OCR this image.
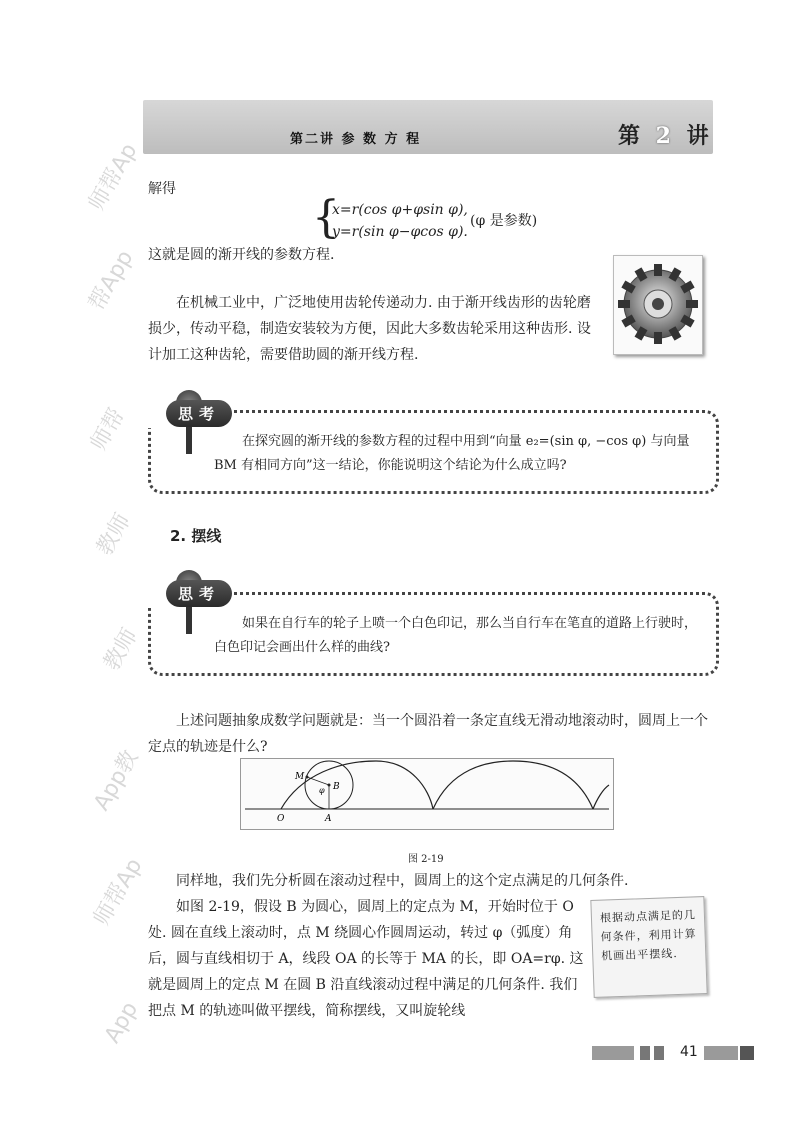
师帮Ap
帮App
师帮
教师
教师
App教
师帮Ap
App
第二讲 参 数 方 程	第 2 讲
解得
{
x=r(cos φ+φsin φ),
y=r(sin φ−φcos φ).
(φ 是参数)
这就是圆的渐开线的参数方程.
在机械工业中，广泛地使用齿轮传递动力. 由于渐开线齿形的齿轮磨损少，传动平稳，制造安装较为方便，因此大多数齿轮采用这种齿形. 设计加工这种齿轮，需要借助圆的渐开线方程.
思考
在探究圆的渐开线的参数方程的过程中用到“向量 e₂=(sin φ, −cos φ) 与向量 BM 有相同方向”这一结论，你能说明这个结论为什么成立吗?
2. 摆线
思考
如果在自行车的轮子上喷一个白色印记，那么当自行车在笔直的道路上行驶时，白色印记会画出什么样的曲线?
上述问题抽象成数学问题就是：当一个圆沿着一条定直线无滑动地滚动时，圆周上一个定点的轨迹是什么?
M
B
φ
O	A
图 2-19
同样地，我们先分析圆在滚动过程中，圆周上的这个定点满足的几何条件.
如图 2-19，假设 B 为圆心，圆周上的定点为 M，开始时位于 O 处. 圆在直线上滚动时，点 M 绕圆心作圆周运动，转过 φ（弧度）角后，圆与直线相切于 A，线段 OA 的长等于 MA 的长，即 OA=rφ. 这就是圆周上的定点 M 在圆 B 沿直线滚动过程中满足的几何条件. 我们把点 M 的轨迹叫做平摆线，简称摆线，又叫旋轮线
根据动点满足的几何条件，利用计算机画出平摆线.
41
